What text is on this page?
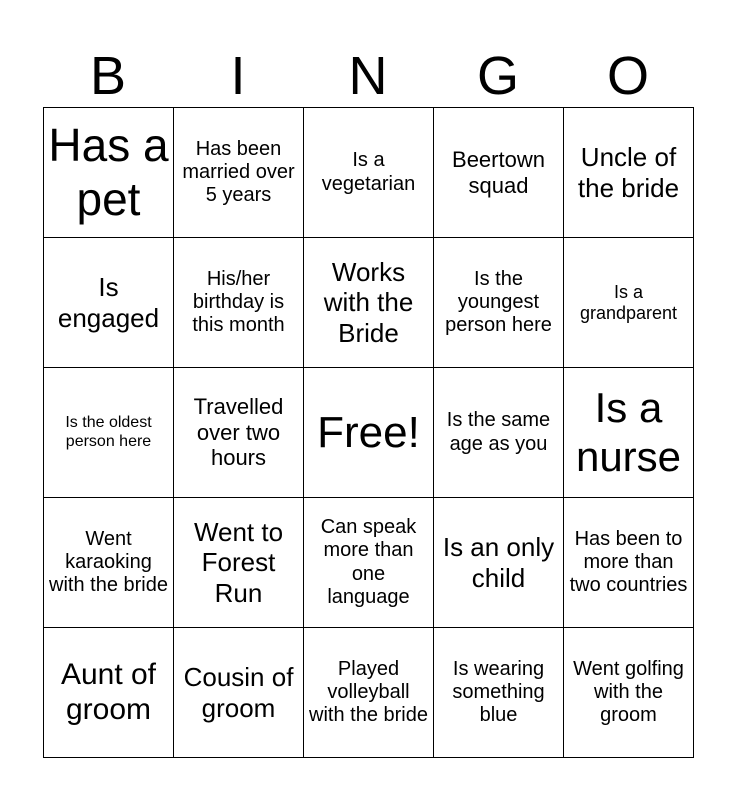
B	I	N	G	O
Has a pet	Has been married over 5 years	Is a vegetarian	Beertown squad	Uncle of the bride
Is engaged	His/her birthday is this month	Works with the Bride	Is the youngest person here	Is a grandparent
Is the oldest person here	Travelled over two hours	Free!	Is the same age as you	Is a nurse
Went karaoking with the bride	Went to Forest Run	Can speak more than one language	Is an only child	Has been to more than two countries
Aunt of groom	Cousin of groom	Played volleyball with the bride	Is wearing something blue	Went golfing with the groom
